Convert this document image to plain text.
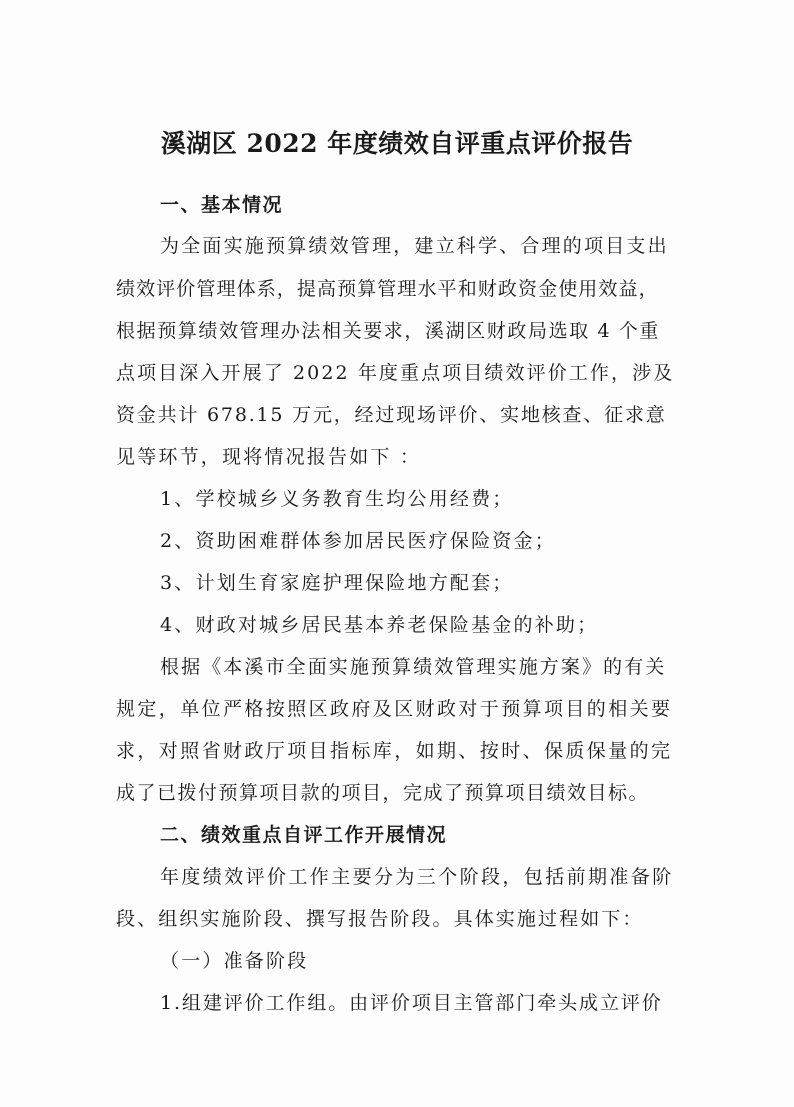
溪湖区 2022 年度绩效自评重点评价报告

一、基本情况

为全面实施预算绩效管理，建立科学、合理的项目支出

绩效评价管理体系，提高预算管理水平和财政资金使用效益，

根据预算绩效管理办法相关要求，溪湖区财政局选取 4 个重

点项目深入开展了 2022 年度重点项目绩效评价工作，涉及

资金共计 678.15 万元，经过现场评价、实地核查、征求意

见等环节，现将情况报告如下 ：

1、学校城乡义务教育生均公用经费；

2、资助困难群体参加居民医疗保险资金；

3、计划生育家庭护理保险地方配套；

4、财政对城乡居民基本养老保险基金的补助；

根据《本溪市全面实施预算绩效管理实施方案》的有关

规定，单位严格按照区政府及区财政对于预算项目的相关要

求，对照省财政厅项目指标库，如期、按时、保质保量的完

成了已拨付预算项目款的项目，完成了预算项目绩效目标。

二、绩效重点自评工作开展情况

年度绩效评价工作主要分为三个阶段，包括前期准备阶

段、组织实施阶段、撰写报告阶段。具体实施过程如下：

（一）准备阶段

1.组建评价工作组。由评价项目主管部门牵头成立评价
